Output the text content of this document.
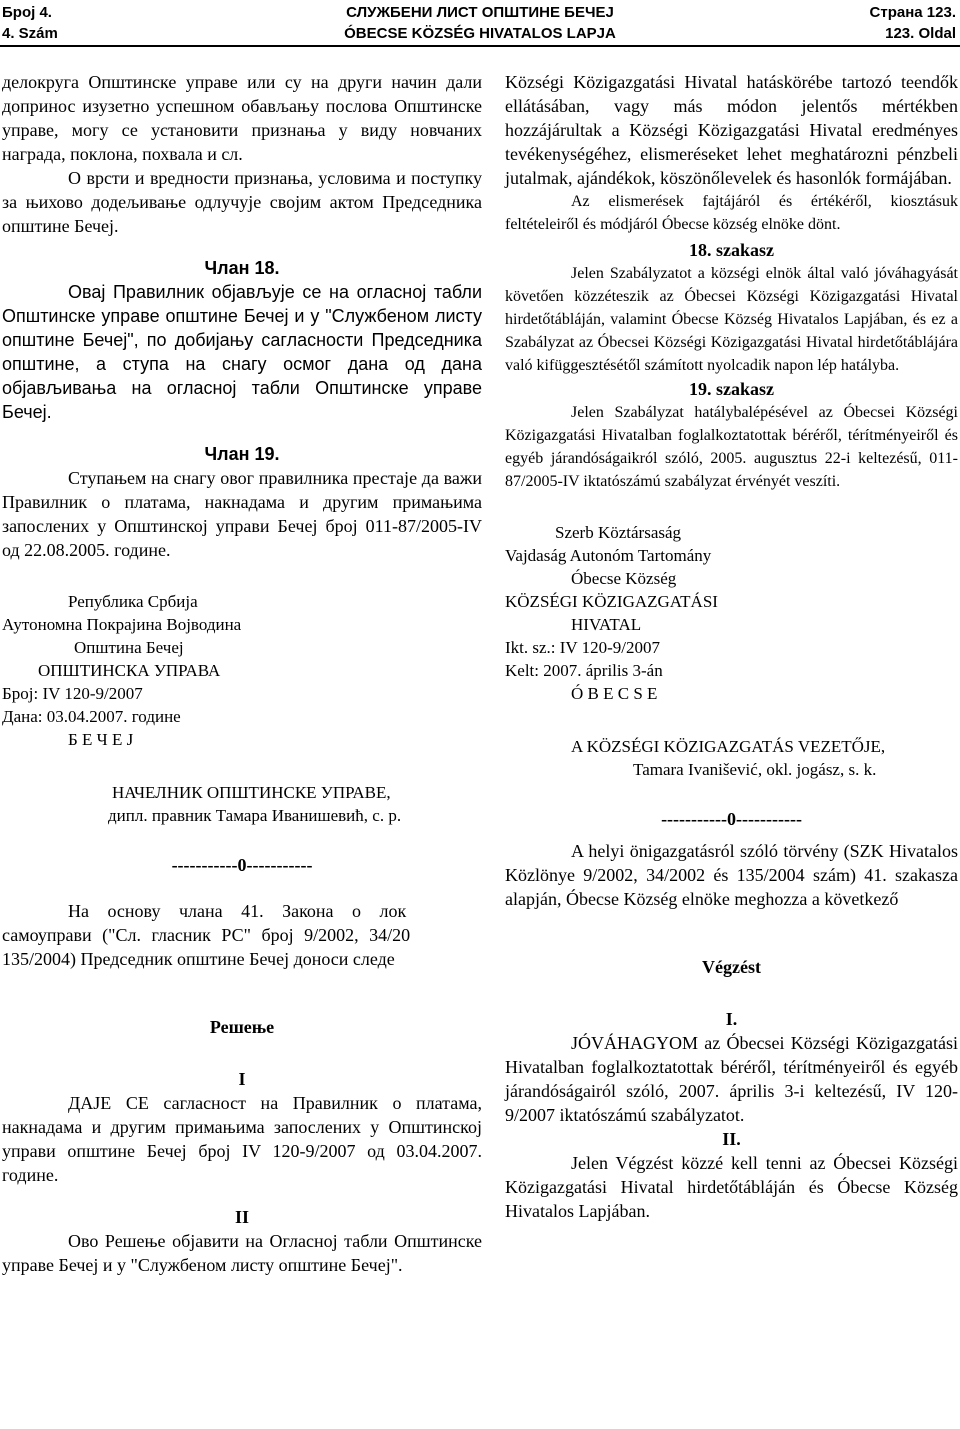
Број 4.
4. Szám
СЛУЖБЕНИ ЛИСТ ОПШТИНЕ БЕЧЕЈ
ÓBECSE KÖZSÉG HIVATALOS LAPJA
Страна 123.
123. Oldal

делокруга Општинске управе или су на други начин дали допринос изузетно успешном обављању послова Општинске управе, могу се установити признања у виду новчаних награда, поклона, похвала и сл.

О врсти и вредности признања, условима и поступку за њихово додељивање одлучује својим актом Председника општине Бечеј.

Члан 18.

Овај Правилник објављује се на огласној табли Општинске управе општине Бечеј и у "Службеном листу општине Бечеј", по добијању сагласности Председника општине, а ступа на снагу осмог дана од дана објављивања на огласној табли Општинске управе Бечеј.

Члан 19.

Ступањем на снагу овог правилника престаје да важи Правилник о платама, накнадама и другим примањима запослених у Општинској управи Бечеј број 011-87/2005-IV од 22.08.2005. године.

Република Србија

Аутономна Покрајина Војводина

Општина Бечеј

ОПШТИНСКА УПРАВА

Број: IV 120-9/2007

Дана: 03.04.2007. године

Б Е Ч Е Ј

НАЧЕЛНИК ОПШТИНСКЕ УПРАВЕ,

дипл. правник Тамара Иванишевић, с. р.

-----------0-----------

На основу члана 41. Закона о лок

самоуправи ("Сл. гласник РС" број 9/2002, 34/20

135/2004) Председник општине Бечеј доноси следе

Решење

I

ДАЈЕ СЕ сагласност на Правилник о платама, накнадама и другим примањима запослених у Општинској управи општине Бечеј број IV 120-9/2007 од 03.04.2007. године.

II

Ово Решење објавити на Огласној табли Општинске управе Бечеј и у "Службеном листу општине Бечеј".

Községi Közigazgatási Hivatal hatáskörébe tartozó teendők ellátásában, vagy más módon jelentős mértékben hozzájárultak a Községi Közigazgatási Hivatal eredményes tevékenységéhez, elismeréseket lehet meghatározni pénzbeli jutalmak, ajándékok, köszönőlevelek és hasonlók formájában.

Az elismerések fajtájáról és értékéről, kiosztásuk feltételeiről és módjáról Óbecse község elnöke dönt.

18. szakasz

Jelen Szabályzatot a községi elnök által való jóváhagyását követően közzéteszik az Óbecsei Községi Közigazgatási Hivatal hirdetőtábláján, valamint Óbecse Község Hivatalos Lapjában, és ez a Szabályzat az Óbecsei Községi Közigazgatási Hivatal hirdetőtáblájára való kifüggesztésétől számított nyolcadik napon lép hatályba.

19. szakasz

Jelen Szabályzat hatálybalépésével az Óbecsei Községi Közigazgatási Hivatalban foglalkoztatottak béréről, térítményeiről és egyéb járandóságaikról szóló, 2005. augusztus 22-i keltezésű, 011-87/2005-IV iktatószámú szabályzat érvényét veszíti.

Szerb Köztársaság

Vajdaság Autonóm Tartomány

Óbecse Község

KÖZSÉGI KÖZIGAZGATÁSI

HIVATAL

Ikt. sz.: IV 120-9/2007

Kelt: 2007. április 3-án

Ó B E C S E

A KÖZSÉGI KÖZIGAZGATÁS VEZETŐJE,

Tamara Ivanišević, okl. jogász, s. k.

-----------0-----------

A helyi önigazgatásról szóló törvény (SZK Hivatalos Közlönye 9/2002, 34/2002 és 135/2004 szám) 41. szakasza alapján, Óbecse Község elnöke meghozza a következő

Végzést

I.

JÓVÁHAGYOM az Óbecsei Községi Közigazgatási Hivatalban foglalkoztatottak béréről, térítményeiről és egyéb járandóságairól szóló, 2007. április 3-i keltezésű, IV 120-9/2007 iktatószámú szabályzatot.

II.

Jelen Végzést közzé kell tenni az Óbecsei Községi Közigazgatási Hivatal hirdetőtábláján és Óbecse Község Hivatalos Lapjában.
